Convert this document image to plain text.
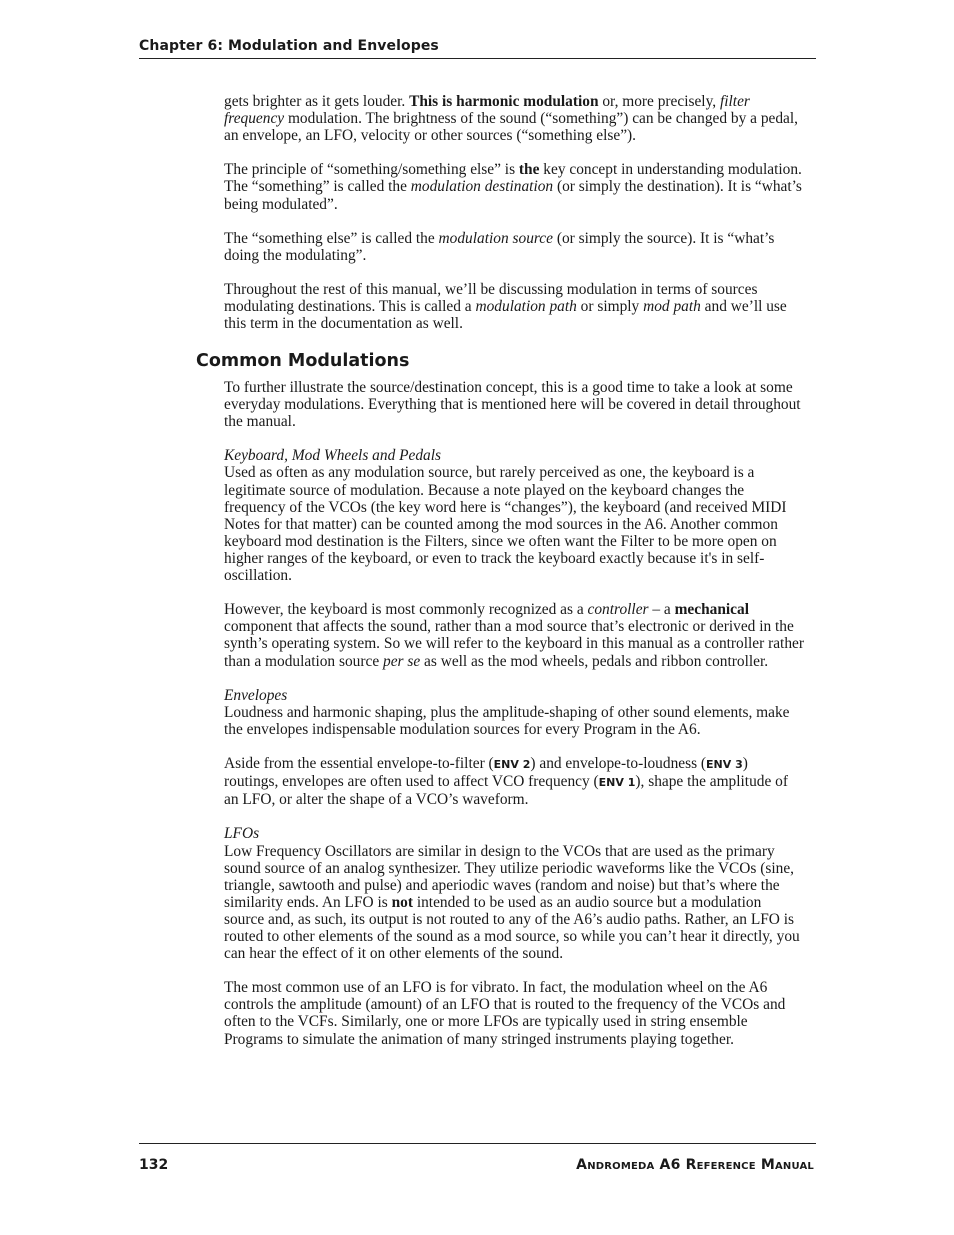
Chapter 6: Modulation and Envelopes

gets brighter as it gets louder. This is harmonic modulation or, more precisely, filter frequency modulation. The brightness of the sound (“something”) can be changed by a pedal, an envelope, an LFO, velocity or other sources (“something else”).

The principle of “something/something else” is the key concept in understanding modulation. The “something” is called the modulation destination (or simply the destination). It is “what’s being modulated”.

The “something else” is called the modulation source (or simply the source). It is “what’s doing the modulating”.

Throughout the rest of this manual, we’ll be discussing modulation in terms of sources modulating destinations. This is called a modulation path or simply mod path and we’ll use this term in the documentation as well.

Common Modulations

To further illustrate the source/destination concept, this is a good time to take a look at some everyday modulations. Everything that is mentioned here will be covered in detail throughout the manual.

Keyboard, Mod Wheels and Pedals

Used as often as any modulation source, but rarely perceived as one, the keyboard is a legitimate source of modulation. Because a note played on the keyboard changes the frequency of the VCOs (the key word here is “changes”), the keyboard (and received MIDI Notes for that matter) can be counted among the mod sources in the A6. Another common keyboard mod destination is the Filters, since we often want the Filter to be more open on higher ranges of the keyboard, or even to track the keyboard exactly because it's in self-oscillation.

However, the keyboard is most commonly recognized as a controller – a mechanical component that affects the sound, rather than a mod source that’s electronic or derived in the synth’s operating system. So we will refer to the keyboard in this manual as a controller rather than a modulation source per se as well as the mod wheels, pedals and ribbon controller.

Envelopes

Loudness and harmonic shaping, plus the amplitude-shaping of other sound elements, make the envelopes indispensable modulation sources for every Program in the A6.

Aside from the essential envelope-to-filter (ENV 2) and envelope-to-loudness (ENV 3) routings, envelopes are often used to affect VCO frequency (ENV 1), shape the amplitude of an LFO, or alter the shape of a VCO’s waveform.

LFOs

Low Frequency Oscillators are similar in design to the VCOs that are used as the primary sound source of an analog synthesizer. They utilize periodic waveforms like the VCOs (sine, triangle, sawtooth and pulse) and aperiodic waves (random and noise) but that’s where the similarity ends. An LFO is not intended to be used as an audio source but a modulation source and, as such, its output is not routed to any of the A6’s audio paths. Rather, an LFO is routed to other elements of the sound as a mod source, so while you can’t hear it directly, you can hear the effect of it on other elements of the sound.

The most common use of an LFO is for vibrato. In fact, the modulation wheel on the A6 controls the amplitude (amount) of an LFO that is routed to the frequency of the VCOs and often to the VCFs. Similarly, one or more LFOs are typically used in string ensemble Programs to simulate the animation of many stringed instruments playing together.

132	Andromeda A6 Reference Manual
